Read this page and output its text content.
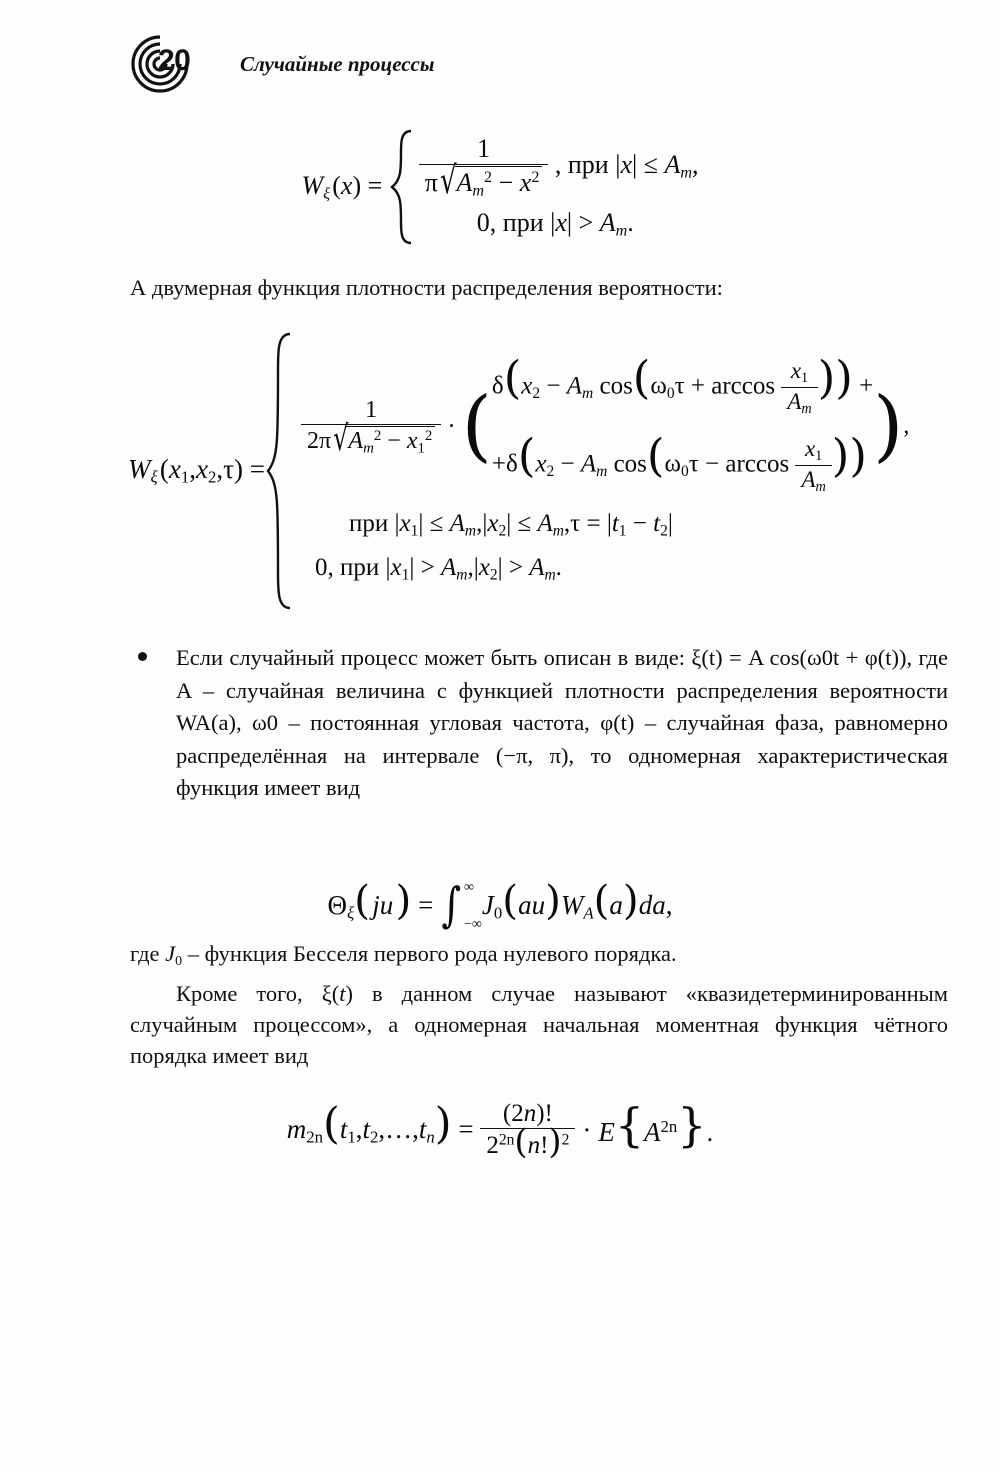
20 Случайные процессы
$W_\xi$ $(x) = \frac{1}{\pi√A_m^2 - x^2}$ , при $|x| \le A_m$,
0, при $|x| > A_m$.
А двумерная функция плотности распределения вероятности:
$W_\xi$ $(x_1,x_2,\tau)$ =
$\frac{1}{2\pi√A_m^2 - x_1^2}$ · ( $\delta(x_2 - A_m$ $\cos(\omega_0\tau + \arccos \frac{x_1}{A_m}$ )) +
$+\delta(x_2 - A_m$ $\cos(\omega_0\tau - \arccos \frac{x_1}{A_m}$ )) ) ,
при $|x_1| \le A_m,|x_2| \le A_m,\tau = |t_1 - t_2|$
0, при $|x_1| > A_m,|x_2| > A_m$.
Если случайный процесс может быть описан в виде: ξ(t) = A cos(ω0t + φ(t)), где A – случайная величина с функцией плотности распределения вероятности WA(a), ω0 – постоянная угловая частота, φ(t) – случайная фаза, равномерно распределённая на интервале (−π, π), то одномерная характеристическая функция имеет вид
$\Theta_\xi$( ju ) = ∫ ∞
−∞
$J_0(au)W_A(a)da$,
где $J_0$ – функция Бесселя первого рода нулевого порядка.
Кроме того, ξ(t) в данном случае называют «квазидетерминированным случайным процессом», а одномерная начальная моментная функция чётного порядка имеет вид
$m_{2n}(t_1,t_2,\dots,t_n) = \frac{(2n)!}{2^{2n}(n!)^2} \cdot E\{A^{2n}\}$.
